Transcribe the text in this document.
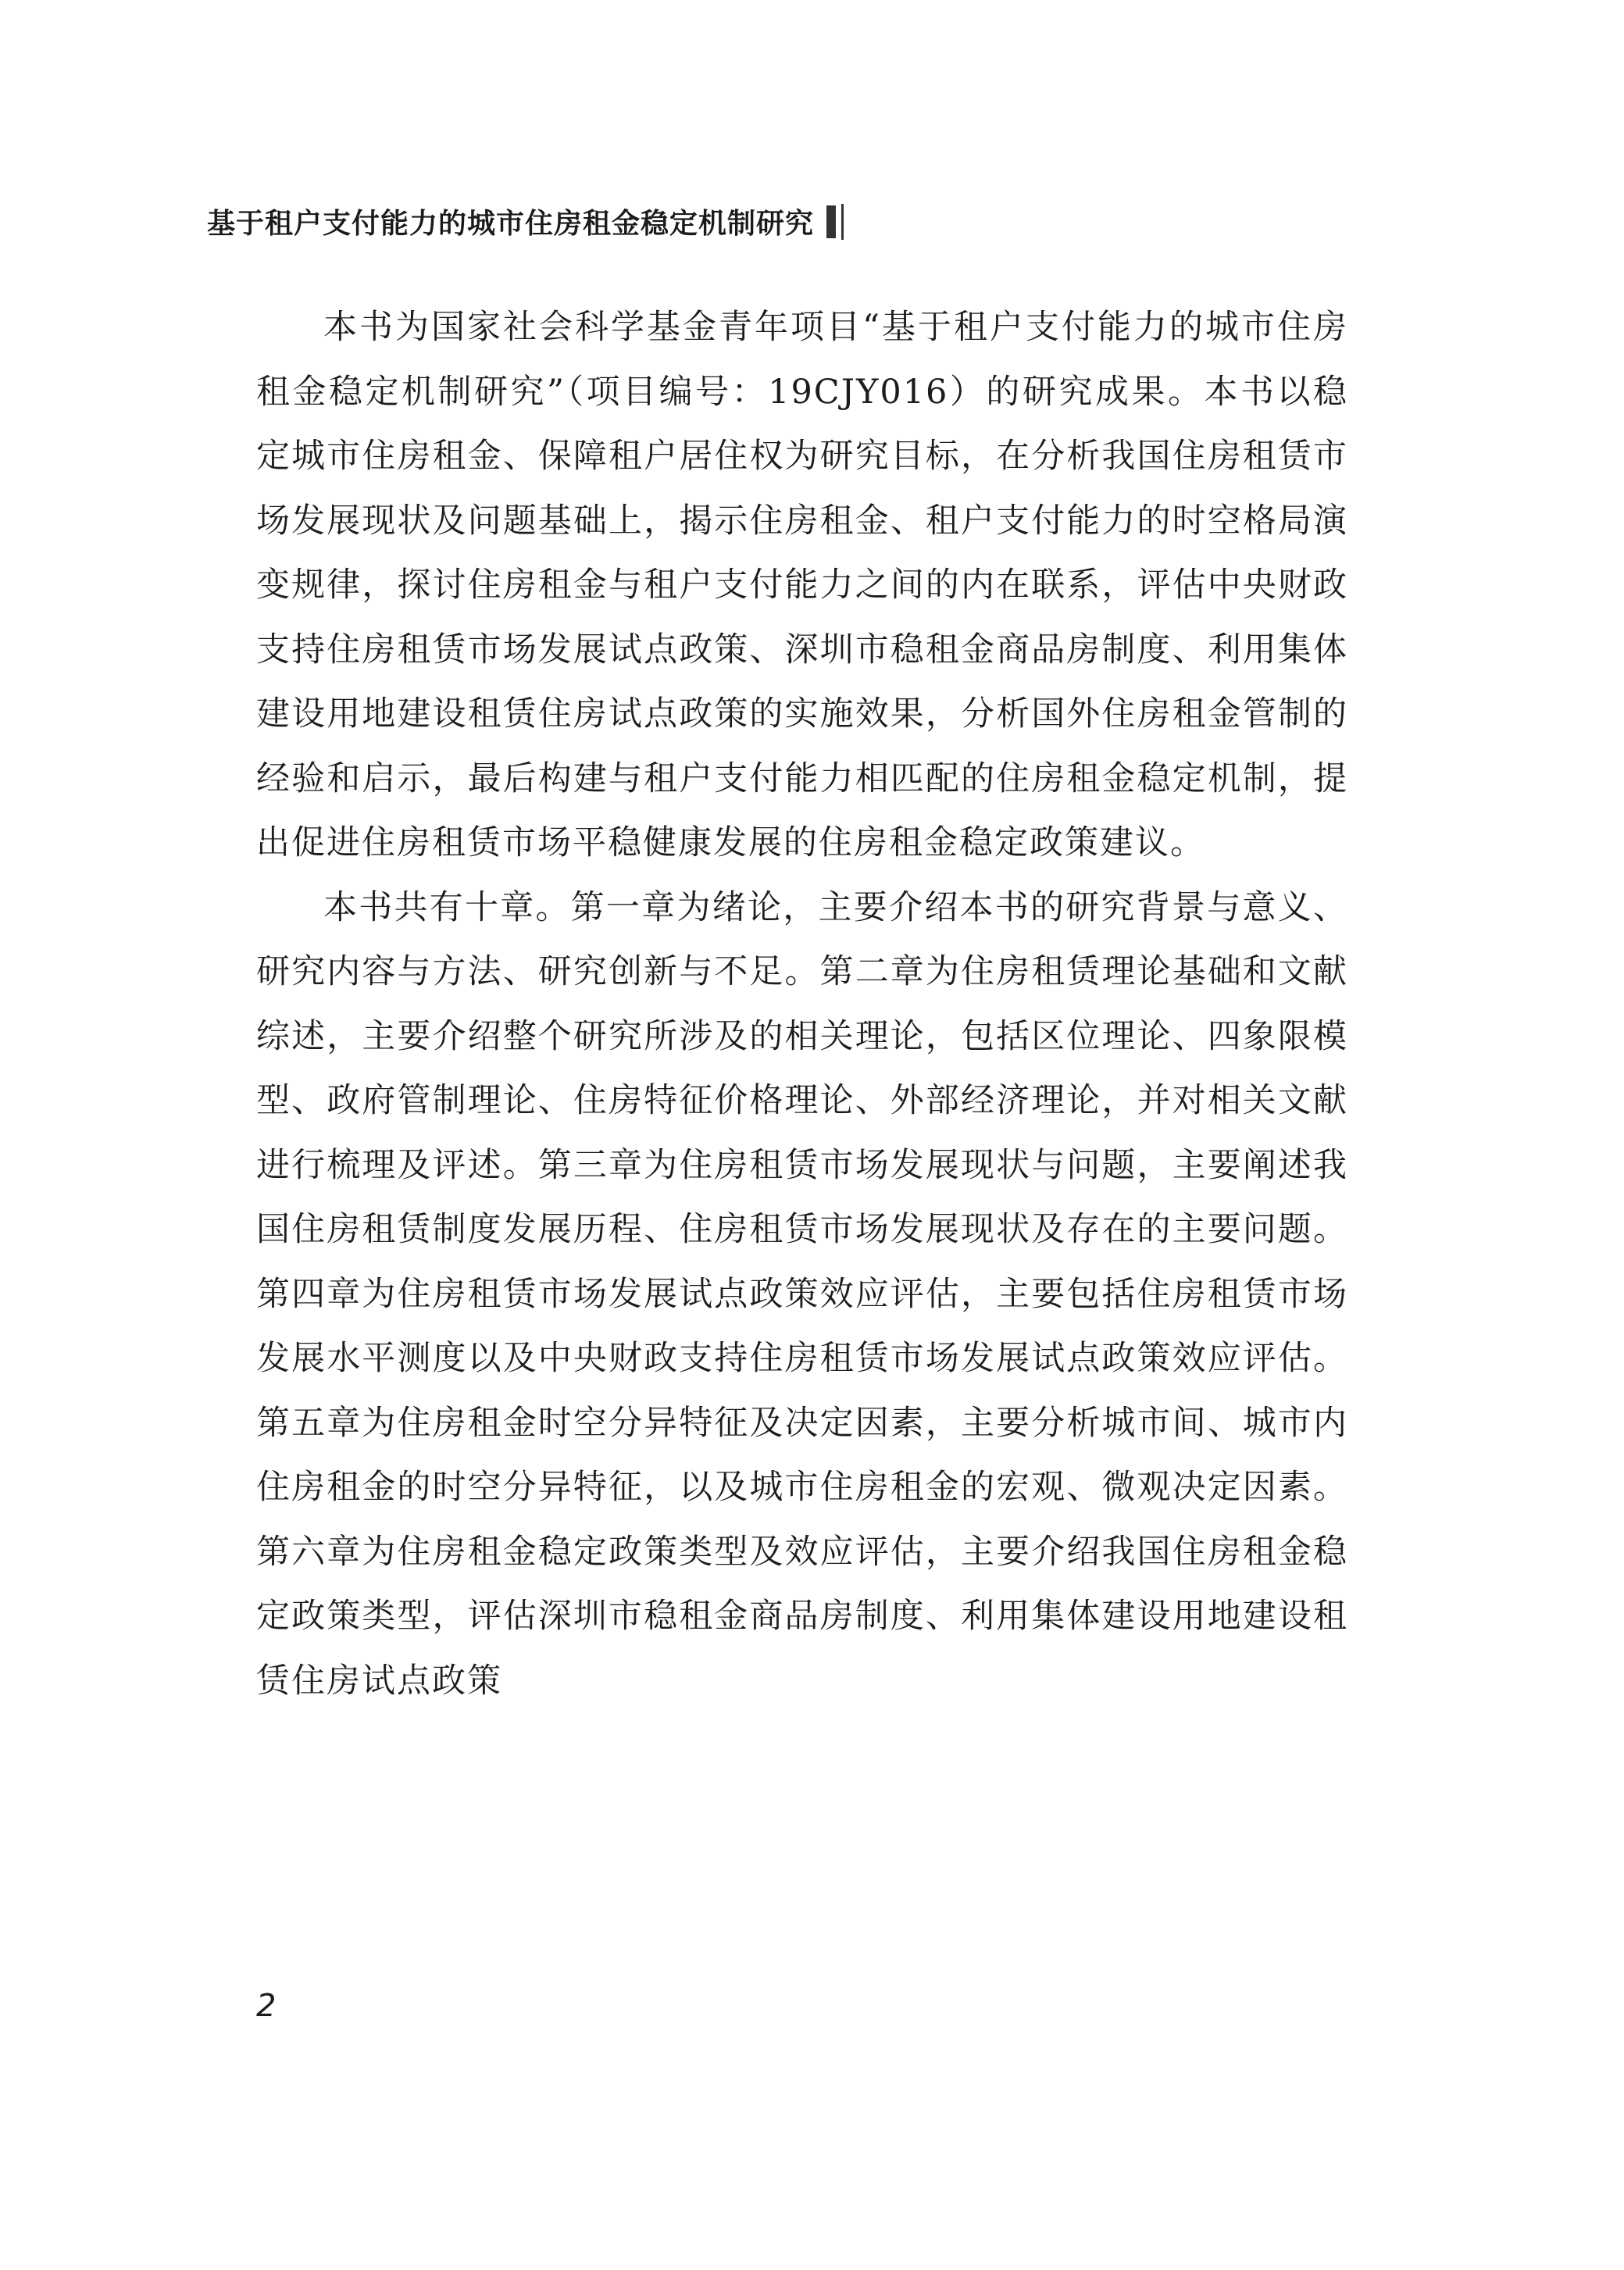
基于租户支付能力的城市住房租金稳定机制研究

本书为国家社会科学基金青年项目“基于租户支付能力的城市住房租金稳定机制研究”（项目编号：19CJY016）的研究成果。本书以稳定城市住房租金、保障租户居住权为研究目标，在分析我国住房租赁市场发展现状及问题基础上，揭示住房租金、租户支付能力的时空格局演变规律，探讨住房租金与租户支付能力之间的内在联系，评估中央财政支持住房租赁市场发展试点政策、深圳市稳租金商品房制度、利用集体建设用地建设租赁住房试点政策的实施效果，分析国外住房租金管制的经验和启示，最后构建与租户支付能力相匹配的住房租金稳定机制，提出促进住房租赁市场平稳健康发展的住房租金稳定政策建议。

本书共有十章。第一章为绪论，主要介绍本书的研究背景与意义、研究内容与方法、研究创新与不足。第二章为住房租赁理论基础和文献综述，主要介绍整个研究所涉及的相关理论，包括区位理论、四象限模型、政府管制理论、住房特征价格理论、外部经济理论，并对相关文献进行梳理及评述。第三章为住房租赁市场发展现状与问题，主要阐述我国住房租赁制度发展历程、住房租赁市场发展现状及存在的主要问题。第四章为住房租赁市场发展试点政策效应评估，主要包括住房租赁市场发展水平测度以及中央财政支持住房租赁市场发展试点政策效应评估。第五章为住房租金时空分异特征及决定因素，主要分析城市间、城市内住房租金的时空分异特征，以及城市住房租金的宏观、微观决定因素。第六章为住房租金稳定政策类型及效应评估，主要介绍我国住房租金稳定政策类型，评估深圳市稳租金商品房制度、利用集体建设用地建设租赁住房试点政策

2
